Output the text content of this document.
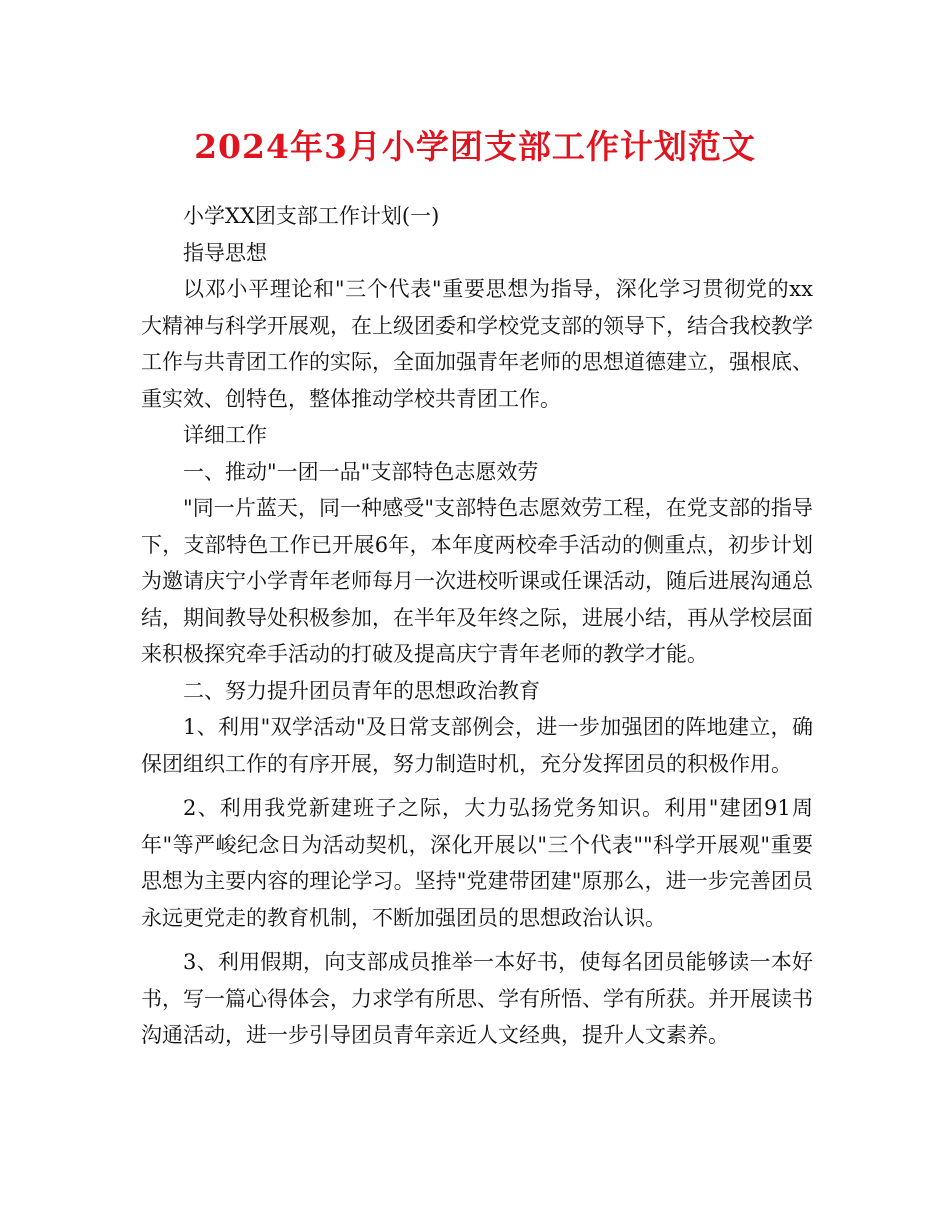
2024年3月小学团支部工作计划范文

小学XX团支部工作计划(一)

指导思想

以邓小平理论和"三个代表"重要思想为指导，深化学习贯彻党的xx大精神与科学开展观，在上级团委和学校党支部的领导下，结合我校教学工作与共青团工作的实际，全面加强青年老师的思想道德建立，强根底、重实效、创特色，整体推动学校共青团工作。

详细工作

一、推动"一团一品"支部特色志愿效劳

"同一片蓝天，同一种感受"支部特色志愿效劳工程，在党支部的指导下，支部特色工作已开展6年，本年度两校牵手活动的侧重点，初步计划为邀请庆宁小学青年老师每月一次进校听课或任课活动，随后进展沟通总结，期间教导处积极参加，在半年及年终之际，进展小结，再从学校层面来积极探究牵手活动的打破及提高庆宁青年老师的教学才能。

二、努力提升团员青年的思想政治教育

1、利用"双学活动"及日常支部例会，进一步加强团的阵地建立，确保团组织工作的有序开展，努力制造时机，充分发挥团员的积极作用。

2、利用我党新建班子之际，大力弘扬党务知识。利用"建团91周年"等严峻纪念日为活动契机，深化开展以"三个代表""科学开展观"重要思想为主要内容的理论学习。坚持"党建带团建"原那么，进一步完善团员永远更党走的教育机制，不断加强团员的思想政治认识。

3、利用假期，向支部成员推举一本好书，使每名团员能够读一本好书，写一篇心得体会，力求学有所思、学有所悟、学有所获。并开展读书沟通活动，进一步引导团员青年亲近人文经典，提升人文素养。
